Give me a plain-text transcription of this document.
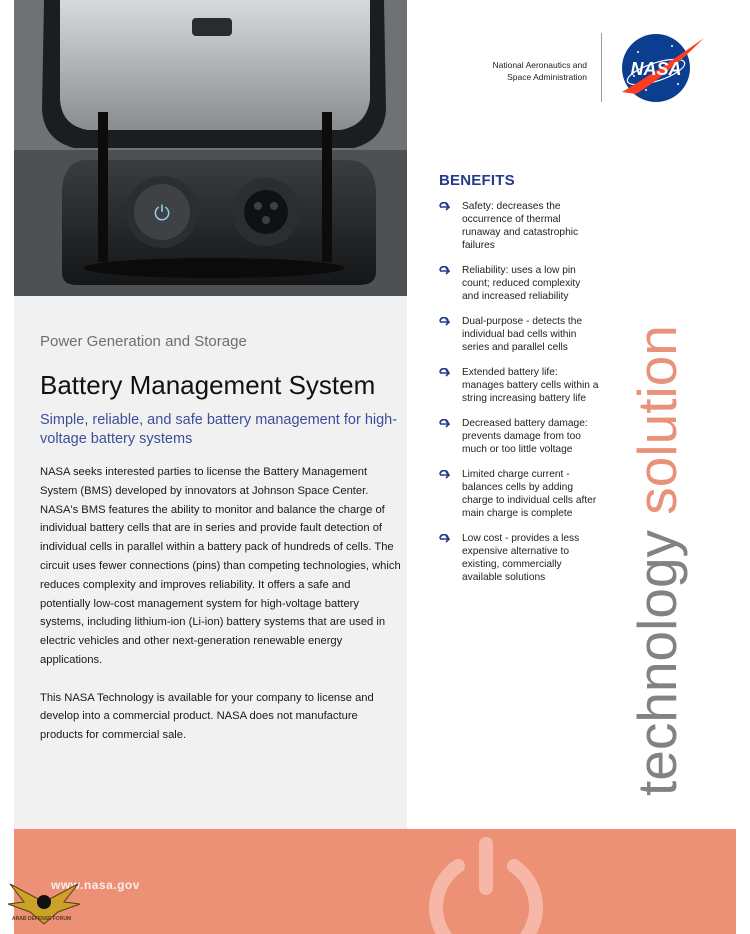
⏻
Power Generation and Storage
Battery Management System
Simple, reliable, and safe battery management for high-voltage battery systems

NASA seeks interested parties to license the Battery Management System (BMS) developed by innovators at Johnson Space Center. NASA's BMS features the ability to monitor and balance the charge of individual battery cells that are in series and provide fault detection of individual cells in parallel within a battery pack of hundreds of cells. The circuit uses fewer connections (pins) than competing technologies, which reduces complexity and improves reliability. It offers a safe and potentially low-cost management system for high-voltage battery systems, including lithium-ion (Li-ion) battery systems that are used in electric vehicles and other next-generation renewable energy applications.

This NASA Technology is available for your company to license and develop into a commercial product. NASA does not manufacture products for commercial sale.

National Aeronautics and
Space Administration NASA
BENEFITS
Safety: decreases the occurrence of thermal runaway and catastrophic failures
Reliability: uses a low pin count; reduced complexity and increased reliability
Dual-purpose - detects the individual bad cells within series and parallel cells
Extended battery life: manages battery cells within a string increasing battery life
Decreased battery damage: prevents damage from too much or too little voltage
Limited charge current - balances cells by adding charge to individual cells after main charge is complete
Low cost - provides a less expensive alternative to existing, commercially available solutions	technology solution
www.nasa.gov
ARAB DEFENSE FORUM
